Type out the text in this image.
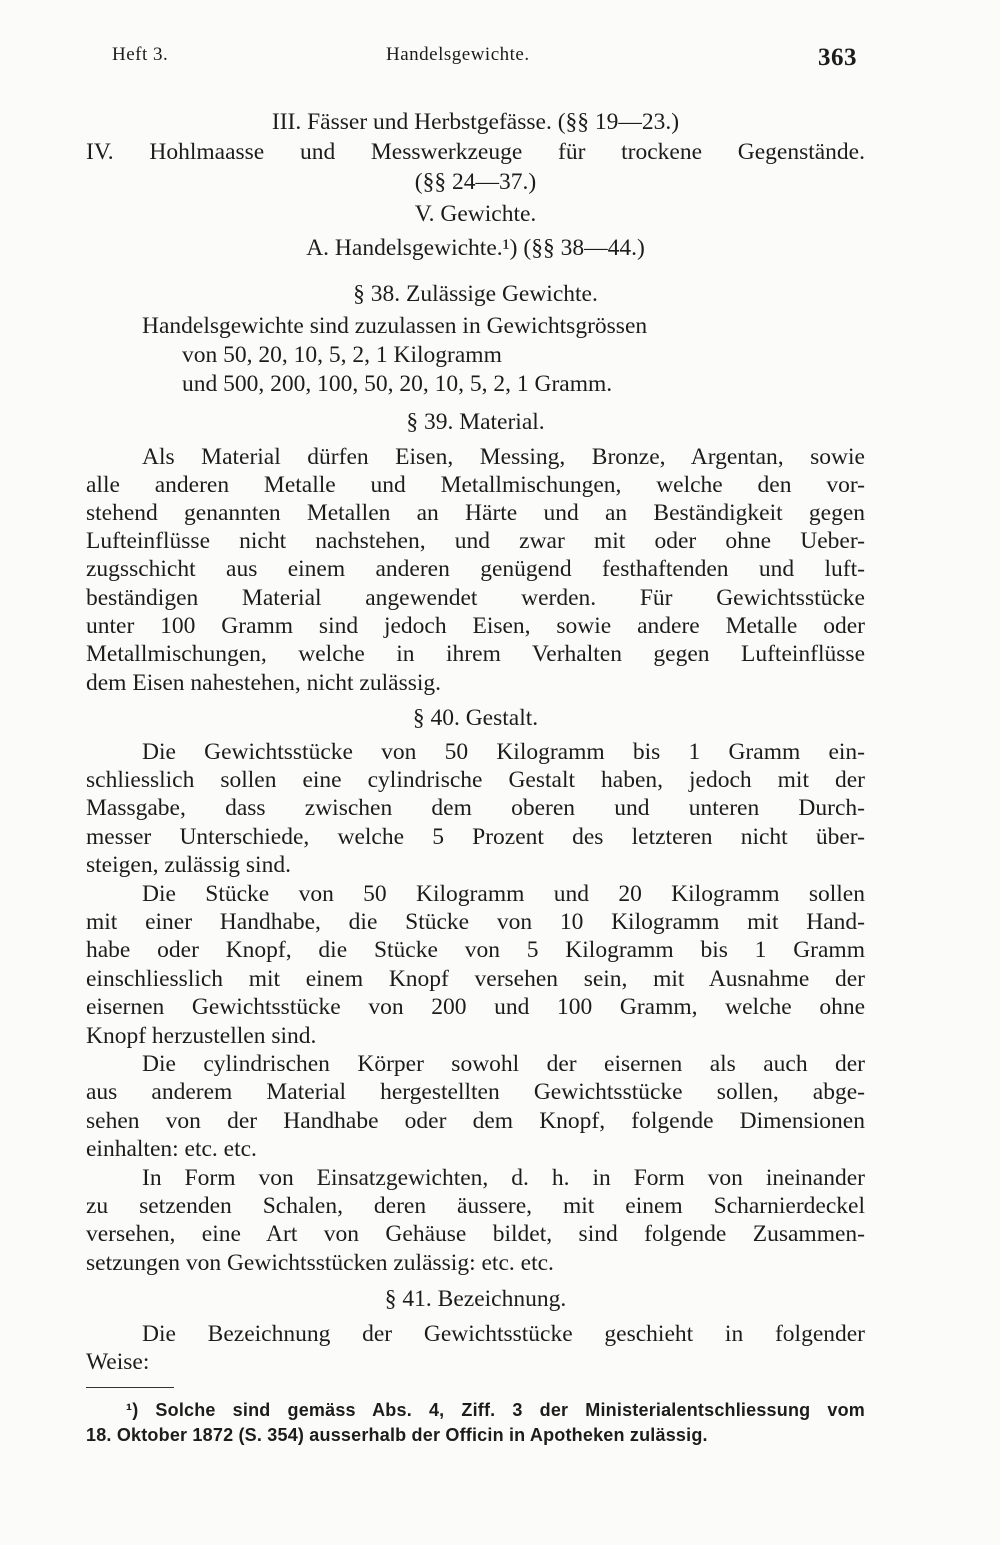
Heft 3.	Handelsgewichte.	363
III. Fässer und Herbstgefässe. (§§ 19—23.)
IV. Hohlmaasse und Messwerkzeuge für trockene Gegenstände.
(§§ 24—37.)
V. Gewichte.
A. Handelsgewichte.¹) (§§ 38—44.)
§ 38. Zulässige Gewichte.
Handelsgewichte sind zuzulassen in Gewichtsgrössen
von 50, 20, 10, 5, 2, 1 Kilogramm
und 500, 200, 100, 50, 20, 10, 5, 2, 1 Gramm.
§ 39. Material.
Als Material dürfen Eisen, Messing, Bronze, Argentan, sowie
alle anderen Metalle und Metallmischungen, welche den vor-
stehend genannten Metallen an Härte und an Beständigkeit gegen
Lufteinflüsse nicht nachstehen, und zwar mit oder ohne Ueber-
zugsschicht aus einem anderen genügend festhaftenden und luft-
beständigen Material angewendet werden. Für Gewichtsstücke
unter 100 Gramm sind jedoch Eisen, sowie andere Metalle oder
Metallmischungen, welche in ihrem Verhalten gegen Lufteinflüsse
dem Eisen nahestehen, nicht zulässig.
§ 40. Gestalt.
Die Gewichtsstücke von 50 Kilogramm bis 1 Gramm ein-
schliesslich sollen eine cylindrische Gestalt haben, jedoch mit der
Massgabe, dass zwischen dem oberen und unteren Durch-
messer Unterschiede, welche 5 Prozent des letzteren nicht über-
steigen, zulässig sind.
Die Stücke von 50 Kilogramm und 20 Kilogramm sollen
mit einer Handhabe, die Stücke von 10 Kilogramm mit Hand-
habe oder Knopf, die Stücke von 5 Kilogramm bis 1 Gramm
einschliesslich mit einem Knopf versehen sein, mit Ausnahme der
eisernen Gewichtsstücke von 200 und 100 Gramm, welche ohne
Knopf herzustellen sind.
Die cylindrischen Körper sowohl der eisernen als auch der
aus anderem Material hergestellten Gewichtsstücke sollen, abge-
sehen von der Handhabe oder dem Knopf, folgende Dimensionen
einhalten: etc. etc.
In Form von Einsatzgewichten, d. h. in Form von ineinander
zu setzenden Schalen, deren äussere, mit einem Scharnierdeckel
versehen, eine Art von Gehäuse bildet, sind folgende Zusammen-
setzungen von Gewichtsstücken zulässig: etc. etc.
§ 41. Bezeichnung.
Die Bezeichnung der Gewichtsstücke geschieht in folgender
Weise:
¹) Solche sind gemäss Abs. 4, Ziff. 3 der Ministerialentschliessung vom
18. Oktober 1872 (S. 354) ausserhalb der Officin in Apotheken zulässig.
